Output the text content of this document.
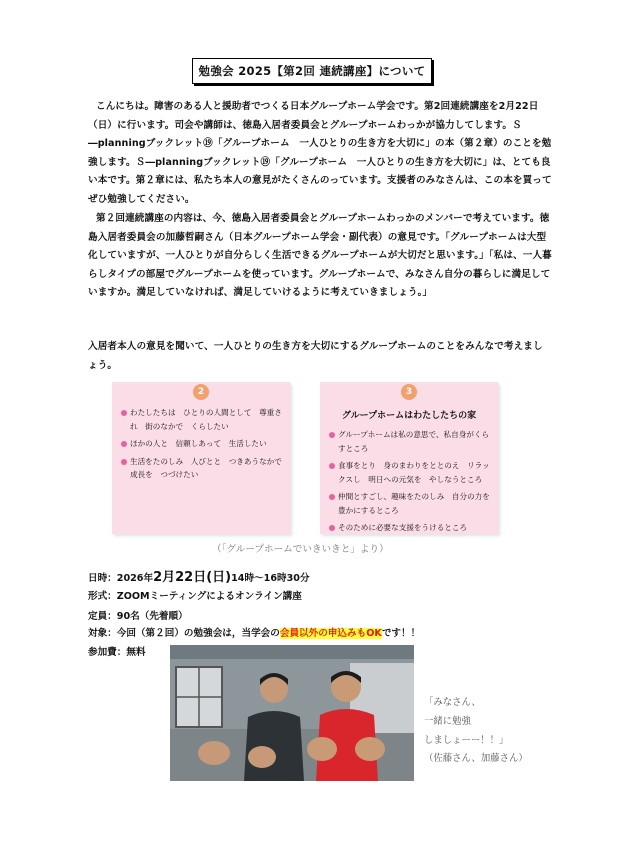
勉強会 2025【第2回 連続講座】について

こんにちは。障害のある人と援助者でつくる日本グループホーム学会です。第2回連続講座を2月22日（日）に行います。司会や講師は、徳島入居者委員会とグループホームわっかが協力してします。Ｓ―planningブックレット⑲「グループホーム　一人ひとりの生き方を大切に」の本（第２章）のことを勉強します。Ｓ―planningブックレット⑲「グループホーム　一人ひとりの生き方を大切に」は、とても良い本です。第２章には、私たち本人の意見がたくさんのっています。支援者のみなさんは、この本を買ってぜひ勉強してください。

第２回連続講座の内容は、今、徳島入居者委員会とグループホームわっかのメンバーで考えています。徳島入居者委員会の加藤哲嗣さん（日本グループホーム学会・副代表）の意見です。「グループホームは大型化していますが、一人ひとりが自分らしく生活できるグループホームが大切だと思います。」「私は、一人暮らしタイプの部屋でグループホームを使っています。グループホームで、みなさん自分の暮らしに満足していますか。満足していなければ、満足していけるように考えていきましょう。」

入居者本人の意見を聞いて、一人ひとりの生き方を大切にするグループホームのことをみんなで考えましょう。

2
わたしたちは　ひとりの人間として　尊重され　街のなかで　くらしたい
ほかの人と　信頼しあって　生活したい
生活をたのしみ　人びとと　つきあうなかで　成長を　つづけたい
3
グループホームはわたしたちの家
グループホームは私の意思で、私自身がくらすところ
食事をとり　身のまわりをととのえ　リラックスし　明日への元気を　やしなうところ
仲間とすごし、趣味をたのしみ　自分の力を豊かにするところ
そのために必要な支援をうけるところ
（「グループホームでいきいきと」より）
日時：2026年2月22日(日)14時〜16時30分
形式：ZOOMミーティングによるオンライン講座
定員：90名（先着順）
対象：今回（第２回）の勉強会は，当学会の会員以外の申込みもOKです！！
参加費：無料

「みなさん、
一緒に勉強
しましょーー！！」

（佐藤さん、加藤さん）
